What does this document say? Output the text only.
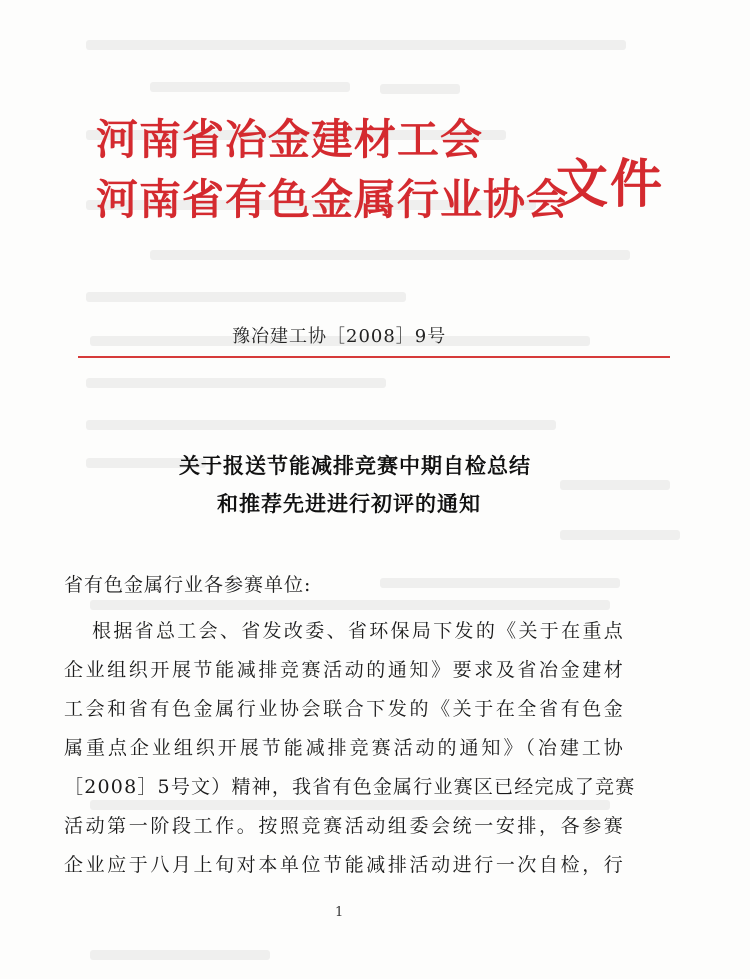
河南省冶金建材工会
河南省有色金属行业协会
文件
豫冶建工协［2008］9号
关于报送节能减排竞赛中期自检总结
和推荐先进进行初评的通知
省有色金属行业各参赛单位:
根据省总工会、省发改委、省环保局下发的《关于在重点
企业组织开展节能减排竞赛活动的通知》要求及省冶金建材
工会和省有色金属行业协会联合下发的《关于在全省有色金
属重点企业组织开展节能减排竞赛活动的通知》（冶建工协
［2008］5号文）精神，我省有色金属行业赛区已经完成了竞赛
活动第一阶段工作。按照竞赛活动组委会统一安排，各参赛
企业应于八月上旬对本单位节能减排活动进行一次自检，行
1
